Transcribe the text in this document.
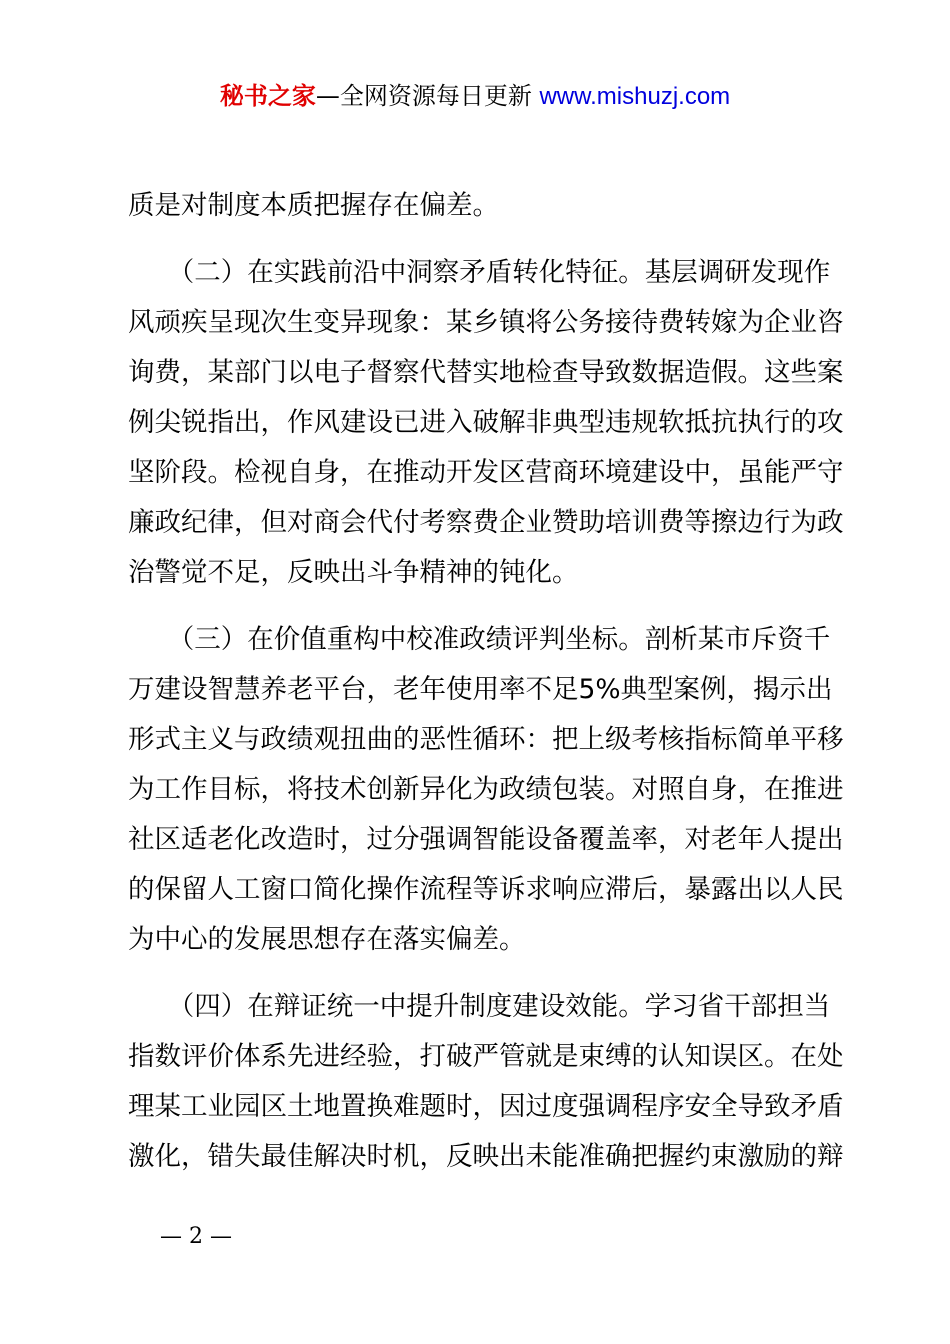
秘书之家—全网资源每日更新 www.mishuzj.com
质是对制度本质把握存在偏差。
　　（二）在实践前沿中洞察矛盾转化特征。基层调研发现作
风顽疾呈现次生变异现象：某乡镇将公务接待费转嫁为企业咨
询费，某部门以电子督察代替实地检查导致数据造假。这些案
例尖锐指出，作风建设已进入破解非典型违规软抵抗执行的攻
坚阶段。检视自身，在推动开发区营商环境建设中，虽能严守
廉政纪律，但对商会代付考察费企业赞助培训费等擦边行为政
治警觉不足，反映出斗争精神的钝化。
　　（三）在价值重构中校准政绩评判坐标。剖析某市斥资千
万建设智慧养老平台，老年使用率不足5%典型案例，揭示出
形式主义与政绩观扭曲的恶性循环：把上级考核指标简单平移
为工作目标，将技术创新异化为政绩包装。对照自身，在推进
社区适老化改造时，过分强调智能设备覆盖率，对老年人提出
的保留人工窗口简化操作流程等诉求响应滞后，暴露出以人民
为中心的发展思想存在落实偏差。
　　（四）在辩证统一中提升制度建设效能。学习省干部担当
指数评价体系先进经验，打破严管就是束缚的认知误区。在处
理某工业园区土地置换难题时，因过度强调程序安全导致矛盾
激化，错失最佳解决时机，反映出未能准确把握约束激励的辩
— 2 —
